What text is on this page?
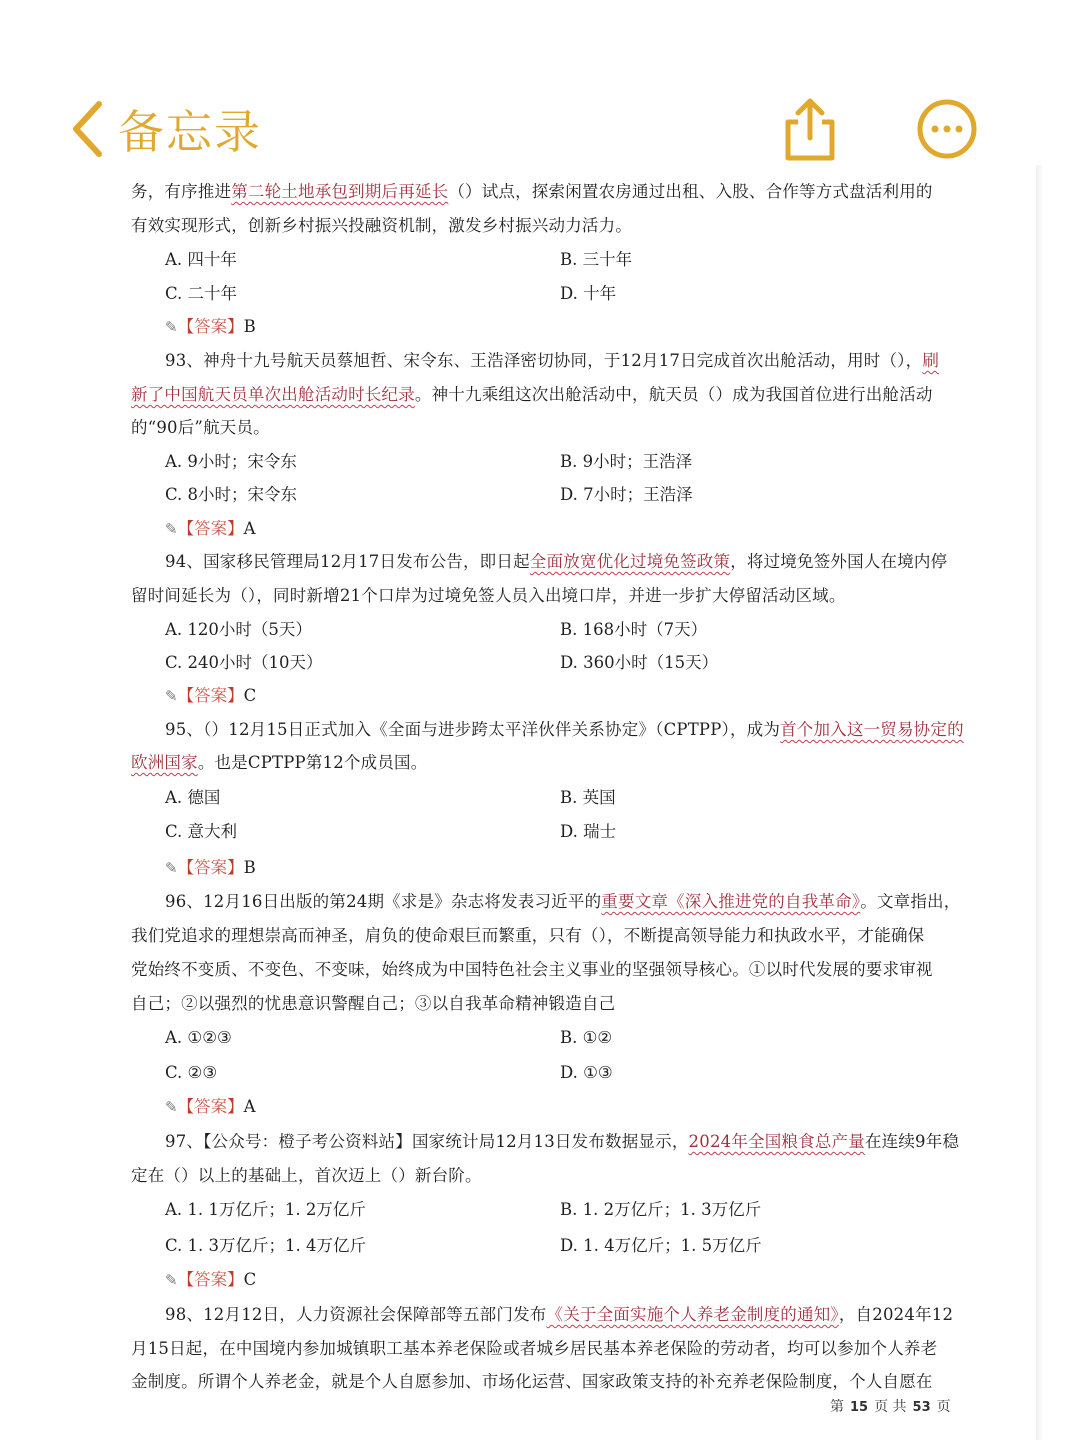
备忘录
务，有序推进第二轮土地承包到期后再延长（）试点，探索闲置农房通过出租、入股、合作等方式盘活利用的
有效实现形式，创新乡村振兴投融资机制，激发乡村振兴动力活力。
A. 四十年	B. 三十年
C. 二十年	D. 十年
✎【答案】B
93、神舟十九号航天员蔡旭哲、宋令东、王浩泽密切协同，于12月17日完成首次出舱活动，用时（），刷
新了中国航天员单次出舱活动时长纪录。神十九乘组这次出舱活动中，航天员（）成为我国首位进行出舱活动
的“90后”航天员。
A. 9小时；宋令东	B. 9小时；王浩泽
C. 8小时；宋令东	D. 7小时；王浩泽
✎【答案】A
94、国家移民管理局12月17日发布公告，即日起全面放宽优化过境免签政策，将过境免签外国人在境内停
留时间延长为（），同时新增21个口岸为过境免签人员入出境口岸，并进一步扩大停留活动区域。
A. 120小时（5天）	B. 168小时（7天）
C. 240小时（10天）	D. 360小时（15天）
✎【答案】C
95、（）12月15日正式加入《全面与进步跨太平洋伙伴关系协定》（CPTPP），成为首个加入这一贸易协定的
欧洲国家。也是CPTPP第12个成员国。
A. 德国	B. 英国
C. 意大利	D. 瑞士
✎【答案】B
96、12月16日出版的第24期《求是》杂志将发表习近平的重要文章《深入推进党的自我革命》。文章指出，
我们党追求的理想崇高而神圣，肩负的使命艰巨而繁重，只有（），不断提高领导能力和执政水平，才能确保
党始终不变质、不变色、不变味，始终成为中国特色社会主义事业的坚强领导核心。①以时代发展的要求审视
自己；②以强烈的忧患意识警醒自己；③以自我革命精神锻造自己
A. ①②③	B. ①②
C. ②③	D. ①③
✎【答案】A
97、【公众号：橙子考公资料站】国家统计局12月13日发布数据显示，2024年全国粮食总产量在连续9年稳
定在（）以上的基础上，首次迈上（）新台阶。
A. 1. 1万亿斤；1. 2万亿斤	B. 1. 2万亿斤；1. 3万亿斤
C. 1. 3万亿斤；1. 4万亿斤	D. 1. 4万亿斤；1. 5万亿斤
✎【答案】C
98、12月12日，人力资源社会保障部等五部门发布《关于全面实施个人养老金制度的通知》，自2024年12
月15日起，在中国境内参加城镇职工基本养老保险或者城乡居民基本养老保险的劳动者，均可以参加个人养老
金制度。所谓个人养老金，就是个人自愿参加、市场化运营、国家政策支持的补充养老保险制度，个人自愿在
第 15 页 共 53 页
